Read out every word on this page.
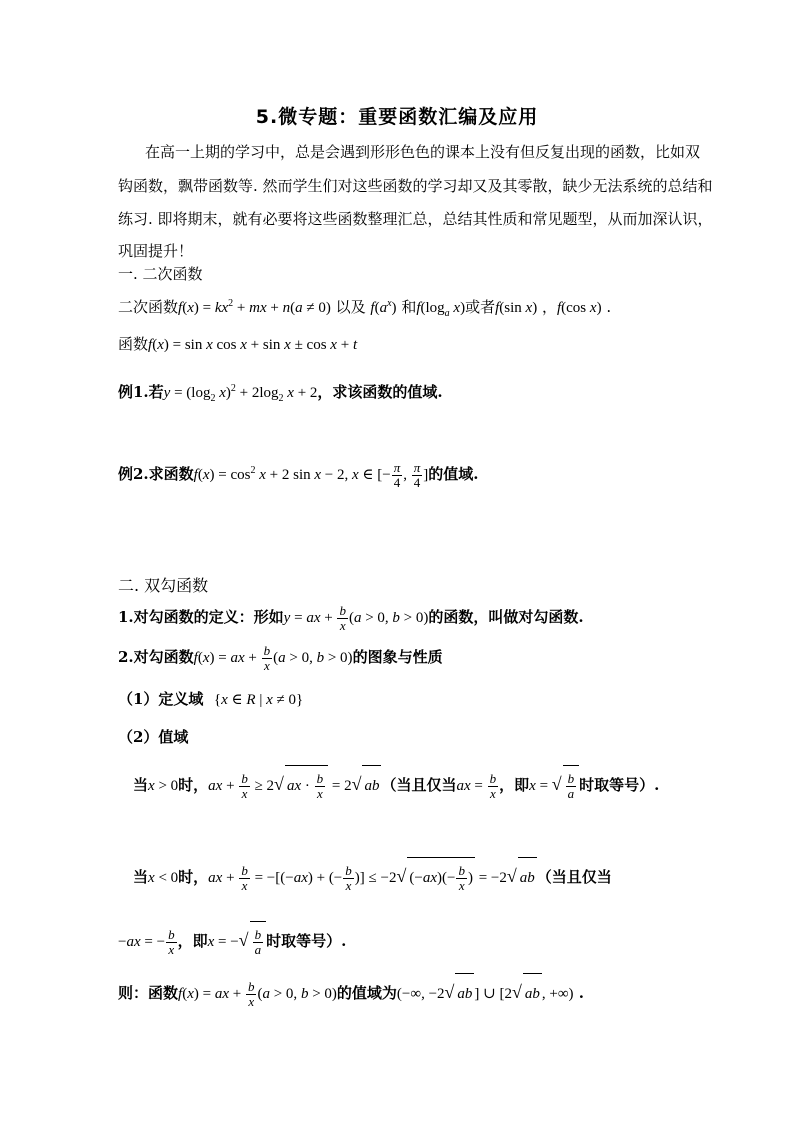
5.微专题：重要函数汇编及应用
在高一上期的学习中，总是会遇到形形色色的课本上没有但反复出现的函数，比如双
钩函数，飘带函数等. 然而学生们对这些函数的学习却又及其零散，缺少无法系统的总结和
练习. 即将期末，就有必要将这些函数整理汇总，总结其性质和常见题型，从而加深认识，
巩固提升！
一. 二次函数
二次函数$f(x) = kx^2$ + mx + n(a ≠ 0) 以及 $f(a^x)$ 和$f(\log_a$ x)或者f(sin x) ，f(cos x) .
函数f(x) = sin x cos x + sin x ± cos x + t
例1.若$y = (\log_2$ $x)^2 + 2\log_2$ x + 2，求该函数的值域.
例2.求函数$f(x) = \cos^2 x + 2$ sin x − 2, x ∈ [− $\frac{\pi}{4}$ , $\frac{\pi}{4}$ ]的值域.
二. 双勾函数
1.对勾函数的定义：形如y = ax + $\frac{b}{x} (a > 0$, b > 0)的函数，叫做对勾函数.
2.对勾函数f(x) = ax + $\frac{b}{x} (a > 0$, b > 0)的图象与性质
（1）定义域 {x ∈ R | x ≠ 0}
（2）值域
当x > 0时，ax + $\frac{b}{x} \ge 2√$ ax · $\frac{b}{x} = 2√$ ab （当且仅当ax = $\frac{b}{x}$ ，即x = √ $\frac{b}{a}$ 时取等号）.
当x < 0时，ax + $\frac{b}{x} = -[(-ax)$ + (− $\frac{b}{x}$ )] ≤ −2√ $(-ax)(- \frac{b}{x}$ ) = −2√ ab （当且仅当
−ax = − $\frac{b}{x}$ ，即x = −√ $\frac{b}{a}$ 时取等号）.
则：函数f(x) = ax + $\frac{b}{x} (a > 0$, b > 0)的值域为(−∞, −2√ ab ] ∪ [2√ ab , +∞) .
